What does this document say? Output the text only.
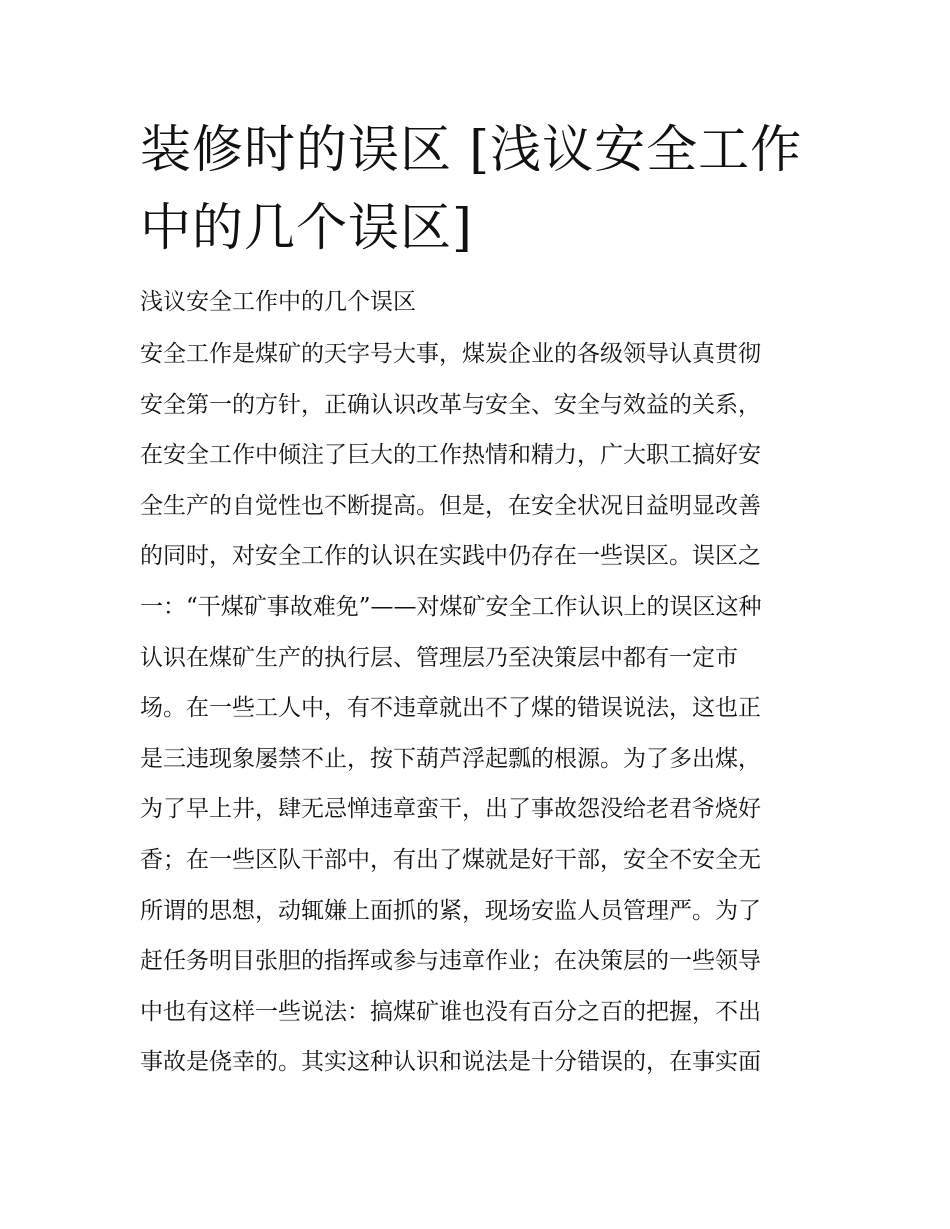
装修时的误区 [浅议安全工作中的几个误区]
浅议安全工作中的几个误区
安全工作是煤矿的天字号大事，煤炭企业的各级领导认真贯彻
安全第一的方针，正确认识改革与安全、安全与效益的关系，
在安全工作中倾注了巨大的工作热情和精力，广大职工搞好安
全生产的自觉性也不断提高。但是，在安全状况日益明显改善
的同时，对安全工作的认识在实践中仍存在一些误区。误区之
一：“干煤矿事故难免”——对煤矿安全工作认识上的误区这种
认识在煤矿生产的执行层、管理层乃至决策层中都有一定市
场。在一些工人中，有不违章就出不了煤的错误说法，这也正
是三违现象屡禁不止，按下葫芦浮起瓢的根源。为了多出煤，
为了早上井，肆无忌惮违章蛮干，出了事故怨没给老君爷烧好
香；在一些区队干部中，有出了煤就是好干部，安全不安全无
所谓的思想，动辄嫌上面抓的紧，现场安监人员管理严。为了
赶任务明目张胆的指挥或参与违章作业；在决策层的一些领导
中也有这样一些说法：搞煤矿谁也没有百分之百的把握，不出
事故是侥幸的。其实这种认识和说法是十分错误的，在事实面
